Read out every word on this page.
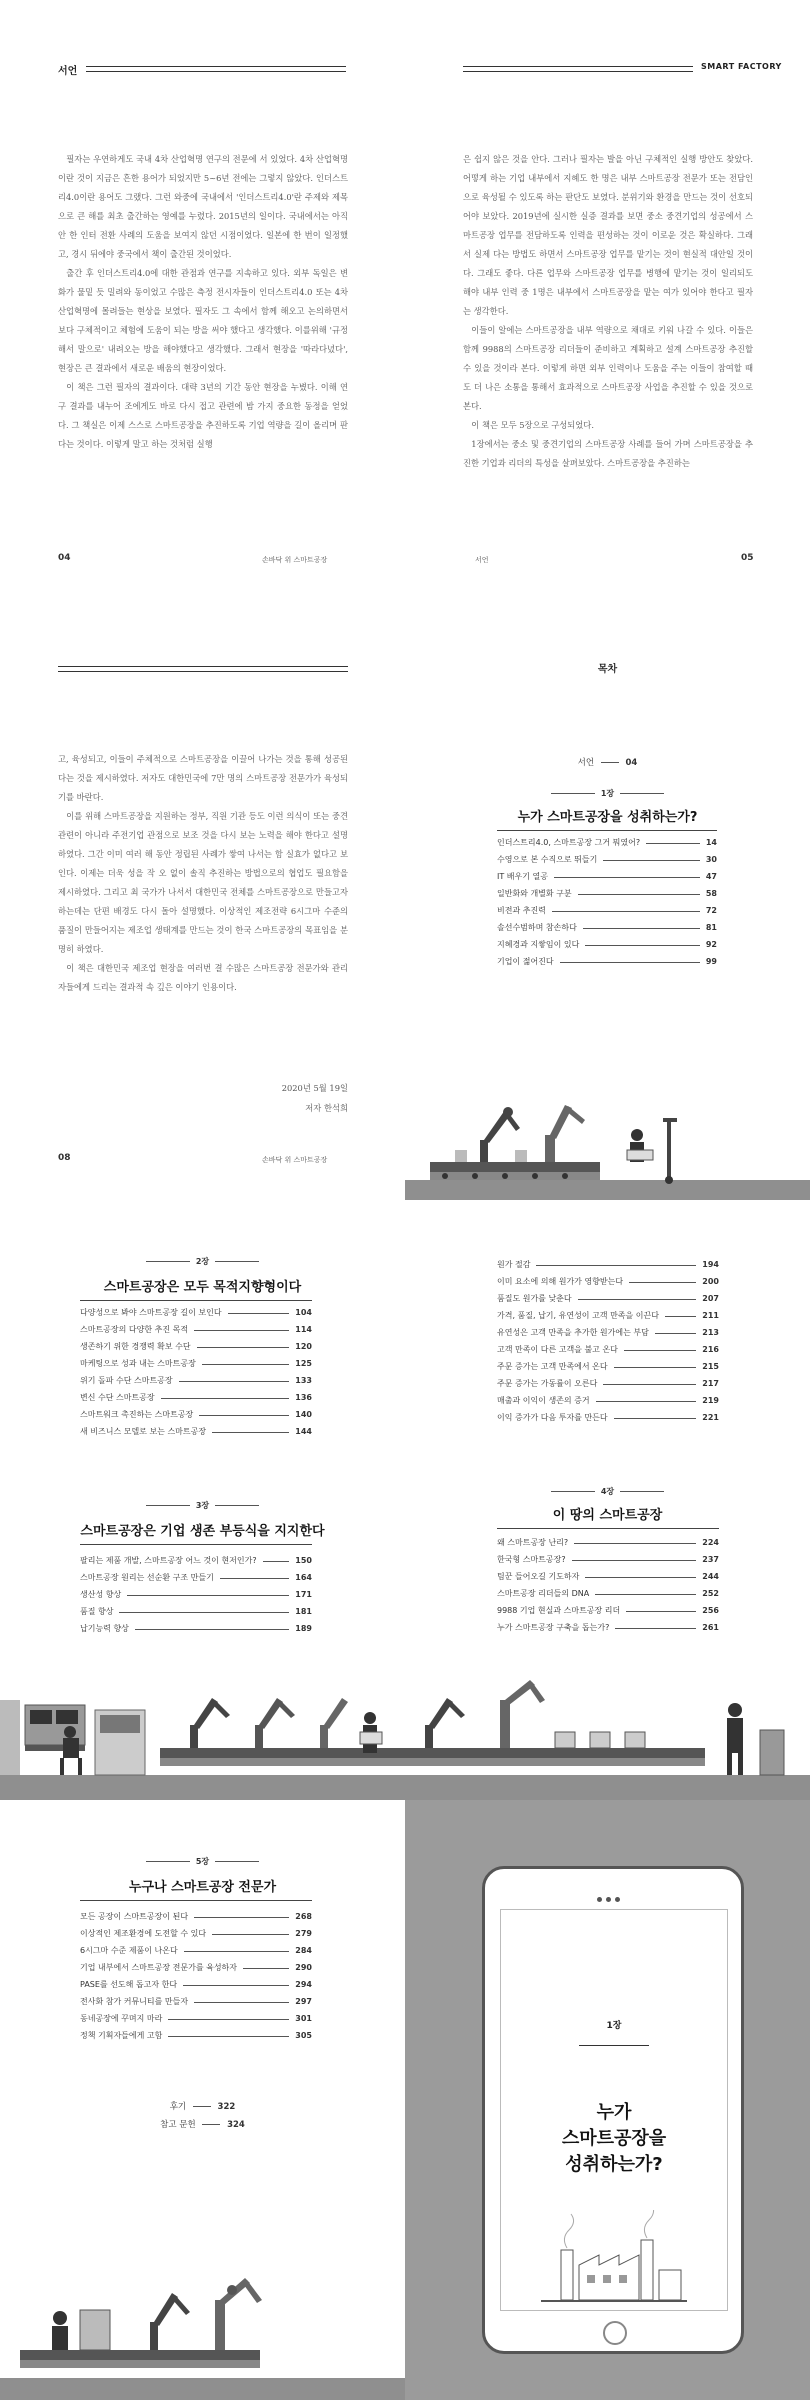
서언

필자는 우연하게도 국내 4차 산업혁명 연구의 전문에 서 있었다. 4차 산업혁명이란 것이 지금은 흔한 용어가 되었지만 5~6년 전에는 그렇지 않았다. 인더스트리4.0이란 용어도 그랬다. 그런 와중에 국내에서 '인더스트리4.0'란 주제와 제목으로 큰 해를 최초 출간하는 영예를 누렸다. 2015년의 일이다. 국내에서는 아직 안 한 인터 전환 사례의 도움을 보여지 않던 시점이었다. 일본에 한 번이 일정했고, 경시 뒤에야 중국에서 책이 출간된 것이었다.

출간 후 인더스트리4.0에 대한 관점과 연구를 지속하고 있다. 외부 독일은 변화가 물밑 듯 밀려와 동이었고 수많은 측정 전시자들이 인더스트리4.0 또는 4차 산업혁명에 몰려들는 현상을 보였다. 필자도 그 속에서 함께 해오고 논의하면서 보다 구체적이고 체험에 도움이 되는 방을 써야 했다고 생각했다. 이를위해 '규정해서 말으로' 내려오는 방을 해야했다고 생각했다. 그래서 현장을 '따라다녔다', 현장은 큰 결과에서 새로운 배움의 현장이었다.

이 책은 그런 필자의 결과이다. 대략 3년의 기간 동안 현장을 누볐다. 이해 연구 결과를 내누어 조에게도 바로 다시 접고 관련에 밤 가지 중요한 동정을 얻었다. 그 책실은 이제 스스로 스마트공장을 추진하도록 기업 역량을 길이 올리며 판다는 것이다. 이렇게 말고 하는 것처럼 실행

04	손바닥 위 스마트공장
SMART FACTORY

은 쉽지 않은 것을 안다. 그러나 필자는 발을 아닌 구체적인 실행 방안도 찾았다. 어떻게 하는 기업 내부에서 지혜도 한 명은 내부 스마트공장 전문가 또는 전담인으로 육성될 수 있도록 하는 판단도 보였다. 분위기와 환경을 만드는 것이 선호되어야 보았다. 2019년에 실시한 실증 결과를 보면 중소 중견기업의 성공에서 스마트공장 업무를 전담하도록 인력을 편성하는 것이 이로운 것은 확실하다. 그래서 실제 다는 방법도 하면서 스마트공장 업무를 맡기는 것이 현실적 대안일 것이다. 그래도 좋다. 다른 업무와 스마트공장 업무를 병행에 맡기는 것이 일리되도 해야 내부 인력 중 1명은 내부에서 스마트공장을 맡는 여가 있어야 한다고 필자는 생각한다.

이들이 알에는 스마트공장을 내부 역량으로 채대로 키워 나갈 수 있다. 이들은 함께 9988의 스마트공장 리더들이 준비하고 계획하고 설계 스마트공장 추진할 수 있을 것이라 본다. 이렇게 하면 외부 인력이나 도움을 주는 이들이 참여할 때도 더 나은 소통을 통해서 효과적으로 스마트공장 사업을 추진할 수 있을 것으로 본다.

이 책은 모두 5장으로 구성되었다.

1장에서는 중소 및 중견기업의 스마트공장 사례를 들어 가며 스마트공장을 추진한 기업과 리더의 특성을 살펴보았다. 스마트공장을 추진하는

서언	05

고, 육성되고, 이들이 주체적으로 스마트공장을 이끌어 나가는 것을 통해 성공된다는 것을 제시하였다. 저자도 대한민국에 7만 명의 스마트공장 전문가가 육성되기를 바란다.

이를 위해 스마트공장을 지원하는 정부, 직원 기관 등도 이런 의식이 또는 중견 관련이 아니라 주전기업 관점으로 보조 것을 다시 보는 노력을 해야 한다고 설명하였다. 그간 이미 여러 해 동안 정립된 사례가 쌓여 나서는 함 실효가 없다고 보인다. 이제는 더욱 성을 작 오 없이 솔직 추진하는 방법으로의 협업도 필요함을 제시하였다. 그리고 최 국가가 나서서 대한민국 전체를 스마트공장으로 만들고자 하는데는 단편 배경도 다시 돌아 설명했다. 이상적인 제조전략 6시그마 수준의 품질이 만들어지는 제조업 생태계를 만드는 것이 한국 스마트공장의 목표임을 분명히 하였다.

이 책은 대한민국 제조업 현장을 여러번 결 수많은 스마트공장 전문가와 관리자들에게 드리는 결과적 속 깊은 이야기 인용이다.

2020년 5월 19일
저자 한석희
08	손바닥 위 스마트공장
목차
서언	04
1장
누가 스마트공장을 성취하는가?
인더스트리4.0, 스마트공장 그거 뭐였어?	14
수영으로 본 수직으로 뛰들기	30
IT 배우기 열공	47
일반화와 개별화 구분	58
비전과 추진력	72
솔선수범하며 참손하다	81
지혜경과 지쌓임이 있다	92
기업이 젊어진다	99
2장
스마트공장은 모두 목적지향형이다
다양성으로 봐야 스마트공장 길이 보인다	104
스마트공장의 다양한 추진 목적	114
생존하기 위한 경쟁력 확보 수단	120
마케팅으로 성과 내는 스마트공장	125
위기 돌파 수단 스마트공장	133
변신 수단 스마트공장	136
스마트워크 촉진하는 스마트공장	140
새 비즈니스 모델로 보는 스마트공장	144
3장
스마트공장은 기업 생존 부등식을 지지한다
팔리는 제품 개발, 스마트공장 어느 것이 현저인가?	150
스마트공장 원리는 선순환 구조 만들기	164
생산성 향상	171
품질 향상	181
납기능력 향상	189
원가 절감	194
이미 요소에 의해 원가가 영향받는다	200
품질도 원가를 낮춘다	207
가격, 품질, 납기, 유연성이 고객 만족을 이끈다	211
유연성은 고객 만족을 추가한 원가에는 부담	213
고객 만족이 다른 고객을 불고 온다	216
주문 증가는 고객 만족에서 온다	215
주문 증가는 가동률이 오른다	217
매출과 이익이 생존의 증거	219
이익 증가가 다음 투자를 만든다	221
4장
이 땅의 스마트공장
왜 스마트공장 난리?	224
한국형 스마트공장?	237
팀꾼 들어오길 기도하자	244
스마트공장 리더들의 DNA	252
9988 기업 현실과 스마트공장 리더	256
누가 스마트공장 구축을 돕는가?	261
5장
누구나 스마트공장 전문가
모든 공장이 스마트공장이 된다	268
이상적인 제조환경에 도전할 수 있다	279
6시그마 수준 제품이 나온다	284
기업 내부에서 스마트공장 전문가를 육성하자	290
PASE를 선도해 돕고자 한다	294
전사화 참가 커뮤니티를 만들자	297
동네공장에 꾸며지 마라	301
정책 기획자들에게 고함	305
후기	322
참고 문헌	324
1장
누가
스마트공장을
성취하는가?
